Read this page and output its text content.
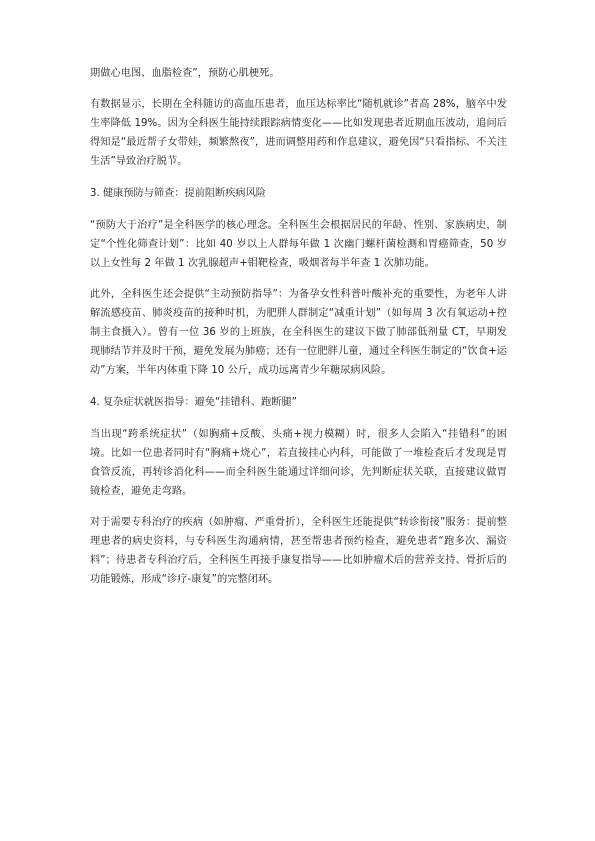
期做心电图、血脂检查”，预防心肌梗死。

有数据显示，长期在全科随访的高血压患者，血压达标率比“随机就诊”者高 28%，脑卒中发生率降低 19%。因为全科医生能持续跟踪病情变化——比如发现患者近期血压波动，追问后得知是“最近帮子女带娃，频繁熬夜”，进而调整用药和作息建议，避免因“只看指标、不关注生活”导致治疗脱节。

3. 健康预防与筛查：提前阻断疾病风险

“预防大于治疗”是全科医学的核心理念。全科医生会根据居民的年龄、性别、家族病史，制定“个性化筛查计划”：比如 40 岁以上人群每年做 1 次幽门螺杆菌检测和胃癌筛查，50 岁以上女性每 2 年做 1 次乳腺超声+钼靶检查，吸烟者每半年查 1 次肺功能。

此外，全科医生还会提供“主动预防指导”：为备孕女性科普叶酸补充的重要性，为老年人讲解流感疫苗、肺炎疫苗的接种时机，为肥胖人群制定“减重计划”（如每周 3 次有氧运动+控制主食摄入）。曾有一位 36 岁的上班族，在全科医生的建议下做了肺部低剂量 CT，早期发现肺结节并及时干预，避免发展为肺癌；还有一位肥胖儿童，通过全科医生制定的“饮食+运动”方案，半年内体重下降 10 公斤，成功远离青少年糖尿病风险。

4. 复杂症状就医指导：避免“挂错科、跑断腿”

当出现“跨系统症状”（如胸痛+反酸、头痛+视力模糊）时，很多人会陷入“挂错科”的困境。比如一位患者同时有“胸痛+烧心”，若直接挂心内科，可能做了一堆检查后才发现是胃食管反流，再转诊消化科——而全科医生能通过详细问诊，先判断症状关联，直接建议做胃镜检查，避免走弯路。

对于需要专科治疗的疾病（如肿瘤、严重骨折），全科医生还能提供“转诊衔接”服务：提前整理患者的病史资料，与专科医生沟通病情，甚至帮患者预约检查，避免患者“跑多次、漏资料”；待患者专科治疗后，全科医生再接手康复指导——比如肿瘤术后的营养支持、骨折后的功能锻炼，形成“诊疗-康复”的完整闭环。
